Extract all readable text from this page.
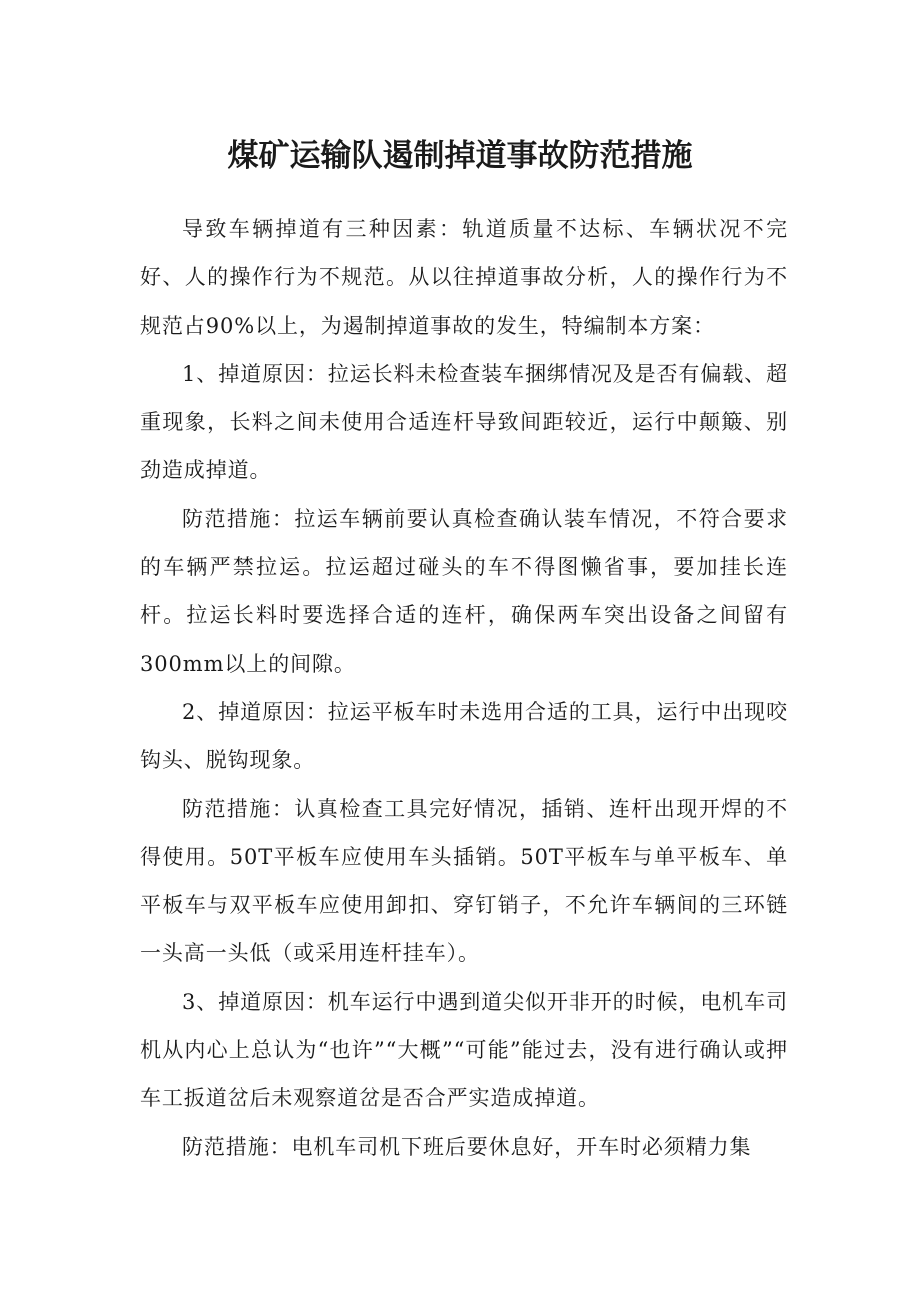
煤矿运输队遏制掉道事故防范措施

导致车辆掉道有三种因素：轨道质量不达标、车辆状况不完好、人的操作行为不规范。从以往掉道事故分析，人的操作行为不规范占90%以上，为遏制掉道事故的发生，特编制本方案：

1、掉道原因：拉运长料未检查装车捆绑情况及是否有偏载、超重现象，长料之间未使用合适连杆导致间距较近，运行中颠簸、别劲造成掉道。

防范措施：拉运车辆前要认真检查确认装车情况，不符合要求的车辆严禁拉运。拉运超过碰头的车不得图懒省事，要加挂长连杆。拉运长料时要选择合适的连杆，确保两车突出设备之间留有300mm以上的间隙。

2、掉道原因：拉运平板车时未选用合适的工具，运行中出现咬钩头、脱钩现象。

防范措施：认真检查工具完好情况，插销、连杆出现开焊的不得使用。50T平板车应使用车头插销。50T平板车与单平板车、单平板车与双平板车应使用卸扣、穿钉销子，不允许车辆间的三环链一头高一头低（或采用连杆挂车）。

3、掉道原因：机车运行中遇到道尖似开非开的时候，电机车司机从内心上总认为“也许”“大概”“可能”能过去，没有进行确认或押车工扳道岔后未观察道岔是否合严实造成掉道。

防范措施：电机车司机下班后要休息好，开车时必须精力集
